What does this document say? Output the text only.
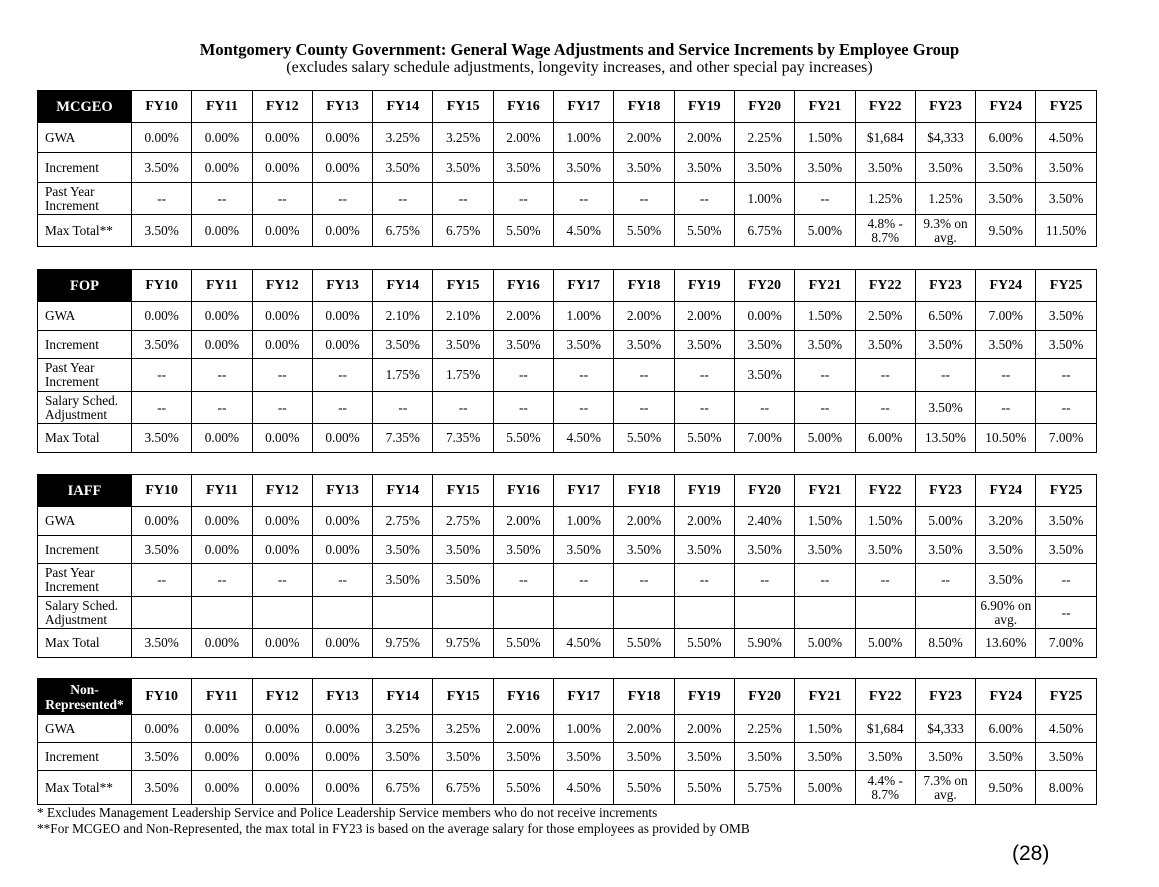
Montgomery County Government: General Wage Adjustments and Service Increments by Employee Group
(excludes salary schedule adjustments, longevity increases, and other special pay increases)
MCGEO	FY10	FY11	FY12	FY13	FY14	FY15	FY16	FY17	FY18	FY19	FY20	FY21	FY22	FY23	FY24	FY25
GWA	0.00%	0.00%	0.00%	0.00%	3.25%	3.25%	2.00%	1.00%	2.00%	2.00%	2.25%	1.50%	$1,684	$4,333	6.00%	4.50%
Increment	3.50%	0.00%	0.00%	0.00%	3.50%	3.50%	3.50%	3.50%	3.50%	3.50%	3.50%	3.50%	3.50%	3.50%	3.50%	3.50%
Past Year Increment	--	--	--	--	--	--	--	--	--	--	1.00%	--	1.25%	1.25%	3.50%	3.50%
Max Total**	3.50%	0.00%	0.00%	0.00%	6.75%	6.75%	5.50%	4.50%	5.50%	5.50%	6.75%	5.00%	4.8% - 8.7%	9.3% on avg.	9.50%	11.50%
FOP	FY10	FY11	FY12	FY13	FY14	FY15	FY16	FY17	FY18	FY19	FY20	FY21	FY22	FY23	FY24	FY25
GWA	0.00%	0.00%	0.00%	0.00%	2.10%	2.10%	2.00%	1.00%	2.00%	2.00%	0.00%	1.50%	2.50%	6.50%	7.00%	3.50%
Increment	3.50%	0.00%	0.00%	0.00%	3.50%	3.50%	3.50%	3.50%	3.50%	3.50%	3.50%	3.50%	3.50%	3.50%	3.50%	3.50%
Past Year Increment	--	--	--	--	1.75%	1.75%	--	--	--	--	3.50%	--	--	--	--	--
Salary Sched. Adjustment	--	--	--	--	--	--	--	--	--	--	--	--	--	3.50%	--	--
Max Total	3.50%	0.00%	0.00%	0.00%	7.35%	7.35%	5.50%	4.50%	5.50%	5.50%	7.00%	5.00%	6.00%	13.50%	10.50%	7.00%
IAFF	FY10	FY11	FY12	FY13	FY14	FY15	FY16	FY17	FY18	FY19	FY20	FY21	FY22	FY23	FY24	FY25
GWA	0.00%	0.00%	0.00%	0.00%	2.75%	2.75%	2.00%	1.00%	2.00%	2.00%	2.40%	1.50%	1.50%	5.00%	3.20%	3.50%
Increment	3.50%	0.00%	0.00%	0.00%	3.50%	3.50%	3.50%	3.50%	3.50%	3.50%	3.50%	3.50%	3.50%	3.50%	3.50%	3.50%
Past Year Increment	--	--	--	--	3.50%	3.50%	--	--	--	--	--	--	--	--	3.50%	--
Salary Sched. Adjustment															6.90% on avg.	--
Max Total	3.50%	0.00%	0.00%	0.00%	9.75%	9.75%	5.50%	4.50%	5.50%	5.50%	5.90%	5.00%	5.00%	8.50%	13.60%	7.00%
Non-Represented*	FY10	FY11	FY12	FY13	FY14	FY15	FY16	FY17	FY18	FY19	FY20	FY21	FY22	FY23	FY24	FY25
GWA	0.00%	0.00%	0.00%	0.00%	3.25%	3.25%	2.00%	1.00%	2.00%	2.00%	2.25%	1.50%	$1,684	$4,333	6.00%	4.50%
Increment	3.50%	0.00%	0.00%	0.00%	3.50%	3.50%	3.50%	3.50%	3.50%	3.50%	3.50%	3.50%	3.50%	3.50%	3.50%	3.50%
Max Total**	3.50%	0.00%	0.00%	0.00%	6.75%	6.75%	5.50%	4.50%	5.50%	5.50%	5.75%	5.00%	4.4% - 8.7%	7.3% on avg.	9.50%	8.00%
* Excludes Management Leadership Service and Police Leadership Service members who do not receive increments
**For MCGEO and Non-Represented, the max total in FY23 is based on the average salary for those employees as provided by OMB
(28)
